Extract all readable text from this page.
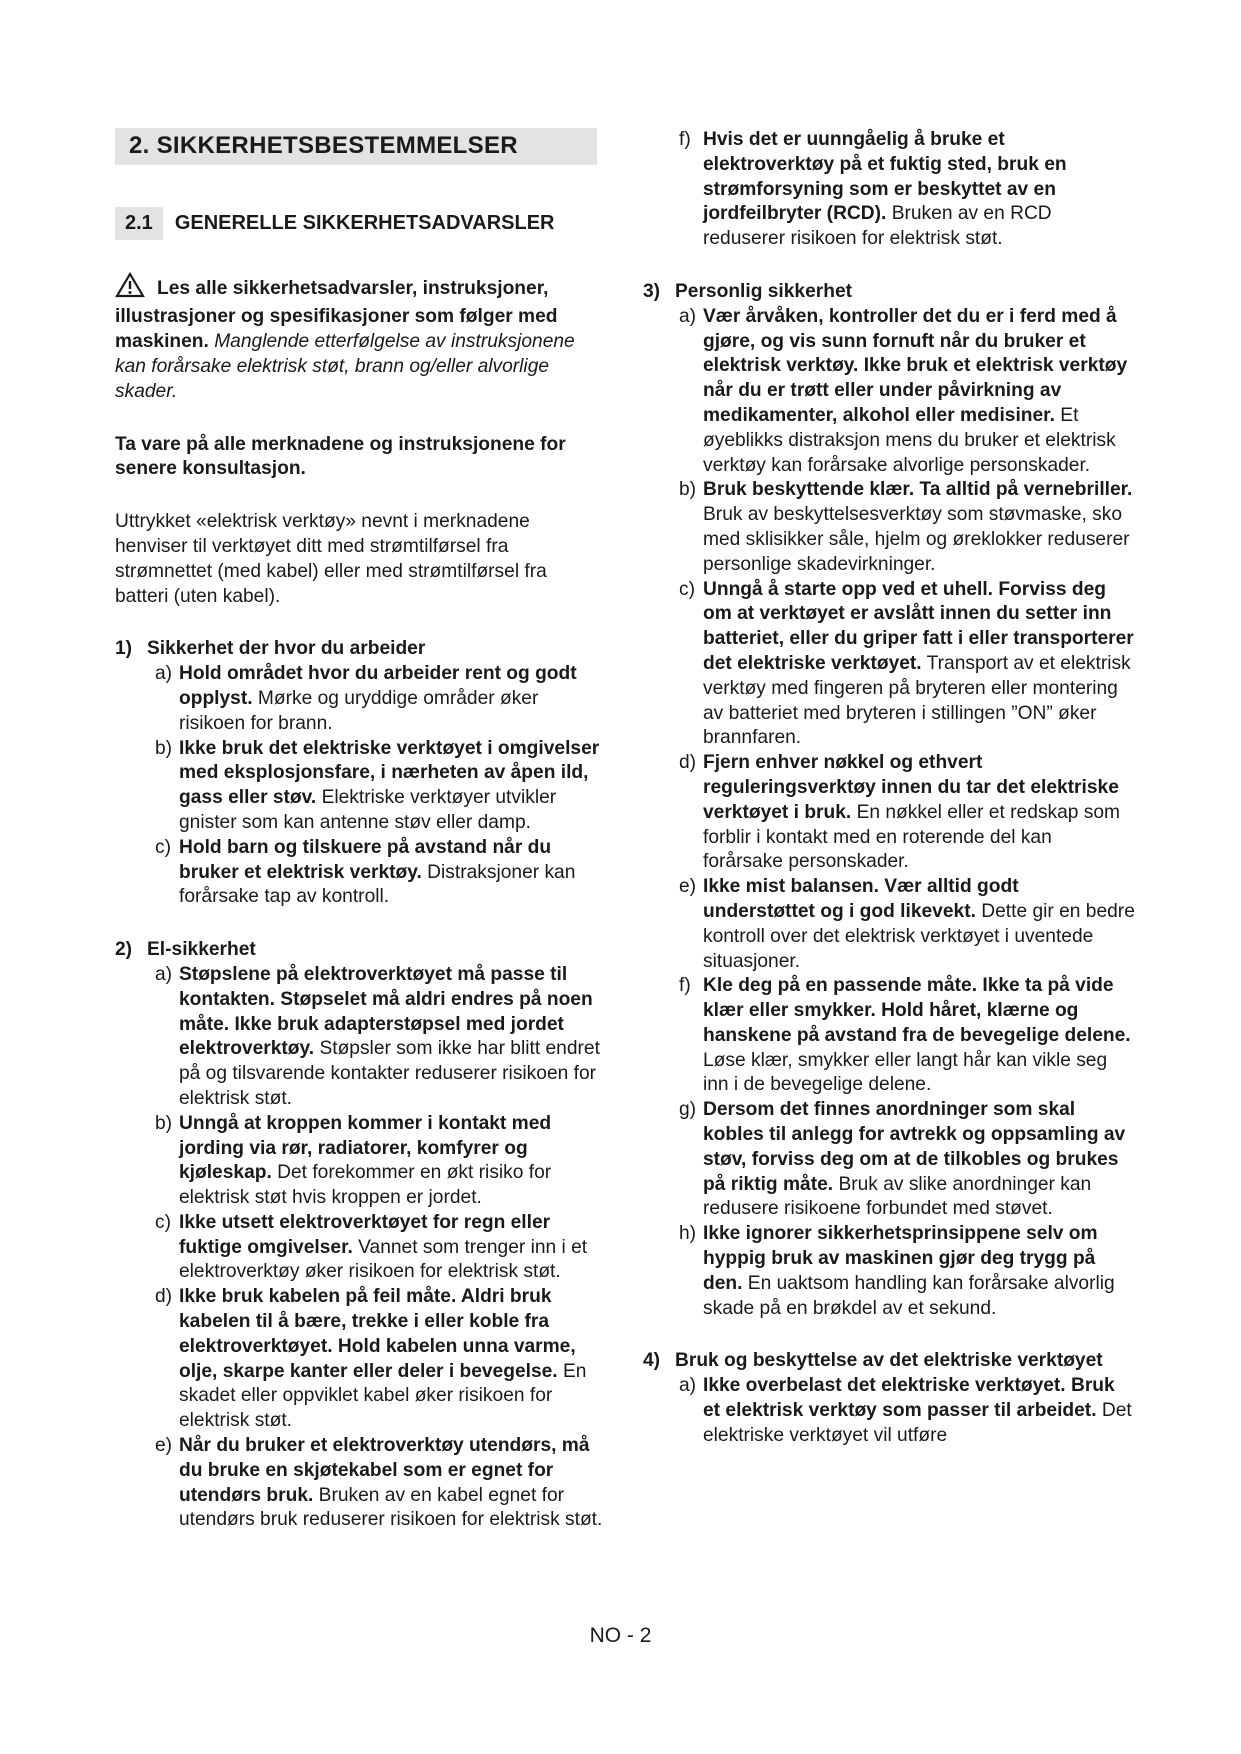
2. SIKKERHETSBESTEMMELSER
2.1	GENERELLE SIKKERHETSADVARSLER

Les alle sikkerhetsadvarsler, instruksjoner, illustrasjoner og spesifikasjoner som følger med maskinen. Manglende etterfølgelse av instruksjonene kan forårsake elektrisk støt, brann og/eller alvorlige skader.

Ta vare på alle merknadene og instruksjonene for senere konsultasjon.

Uttrykket «elektrisk verktøy» nevnt i merknadene henviser til verktøyet ditt med strømtilførsel fra strømnettet (med kabel) eller med strømtilførsel fra batteri (uten kabel).

1) Sikkerhet der hvor du arbeider
a) Hold området hvor du arbeider rent og godt opplyst. Mørke og uryddige områder øker risikoen for brann.
b) Ikke bruk det elektriske verktøyet i omgivelser med eksplosjonsfare, i nærheten av åpen ild, gass eller støv. Elektriske verktøyer utvikler gnister som kan antenne støv eller damp.
c) Hold barn og tilskuere på avstand når du bruker et elektrisk verktøy. Distraksjoner kan forårsake tap av kontroll.
2) El-sikkerhet
a) Støpslene på elektroverktøyet må passe til kontakten. Støpselet må aldri endres på noen måte. Ikke bruk adapterstøpsel med jordet elektroverktøy. Støpsler som ikke har blitt endret på og tilsvarende kontakter reduserer risikoen for elektrisk støt.
b) Unngå at kroppen kommer i kontakt med jording via rør, radiatorer, komfyrer og kjøleskap. Det forekommer en økt risiko for elektrisk støt hvis kroppen er jordet.
c) Ikke utsett elektroverktøyet for regn eller fuktige omgivelser. Vannet som trenger inn i et elektroverktøy øker risikoen for elektrisk støt.
d) Ikke bruk kabelen på feil måte. Aldri bruk kabelen til å bære, trekke i eller koble fra elektroverktøyet. Hold kabelen unna varme, olje, skarpe kanter eller deler i bevegelse. En skadet eller oppviklet kabel øker risikoen for elektrisk støt.
e) Når du bruker et elektroverktøy utendørs, må du bruke en skjøtekabel som er egnet for utendørs bruk. Bruken av en kabel egnet for utendørs bruk reduserer risikoen for elektrisk støt.
f) Hvis det er uunngåelig å bruke et elektroverktøy på et fuktig sted, bruk en strømforsyning som er beskyttet av en jordfeilbryter (RCD). Bruken av en RCD reduserer risikoen for elektrisk støt.
3) Personlig sikkerhet
a) Vær årvåken, kontroller det du er i ferd med å gjøre, og vis sunn fornuft når du bruker et elektrisk verktøy. Ikke bruk et elektrisk verktøy når du er trøtt eller under påvirkning av medikamenter, alkohol eller medisiner. Et øyeblikks distraksjon mens du bruker et elektrisk verktøy kan forårsake alvorlige personskader.
b) Bruk beskyttende klær. Ta alltid på vernebriller. Bruk av beskyttelsesverktøy som støvmaske, sko med sklisikker såle, hjelm og øreklokker reduserer personlige skadevirkninger.
c) Unngå å starte opp ved et uhell. Forviss deg om at verktøyet er avslått innen du setter inn batteriet, eller du griper fatt i eller transporterer det elektriske verktøyet. Transport av et elektrisk verktøy med fingeren på bryteren eller montering av batteriet med bryteren i stillingen ”ON” øker brannfaren.
d) Fjern enhver nøkkel og ethvert reguleringsverktøy innen du tar det elektriske verktøyet i bruk. En nøkkel eller et redskap som forblir i kontakt med en roterende del kan forårsake personskader.
e) Ikke mist balansen. Vær alltid godt understøttet og i god likevekt. Dette gir en bedre kontroll over det elektrisk verktøyet i uventede situasjoner.
f) Kle deg på en passende måte. Ikke ta på vide klær eller smykker. Hold håret, klærne og hanskene på avstand fra de bevegelige delene. Løse klær, smykker eller langt hår kan vikle seg inn i de bevegelige delene.
g) Dersom det finnes anordninger som skal kobles til anlegg for avtrekk og oppsamling av støv, forviss deg om at de tilkobles og brukes på riktig måte. Bruk av slike anordninger kan redusere risikoene forbundet med støvet.
h) Ikke ignorer sikkerhetsprinsippene selv om hyppig bruk av maskinen gjør deg trygg på den. En uaktsom handling kan forårsake alvorlig skade på en brøkdel av et sekund.
4) Bruk og beskyttelse av det elektriske verktøyet
a) Ikke overbelast det elektriske verktøyet. Bruk et elektrisk verktøy som passer til arbeidet. Det elektriske verktøyet vil utføre
NO - 2
